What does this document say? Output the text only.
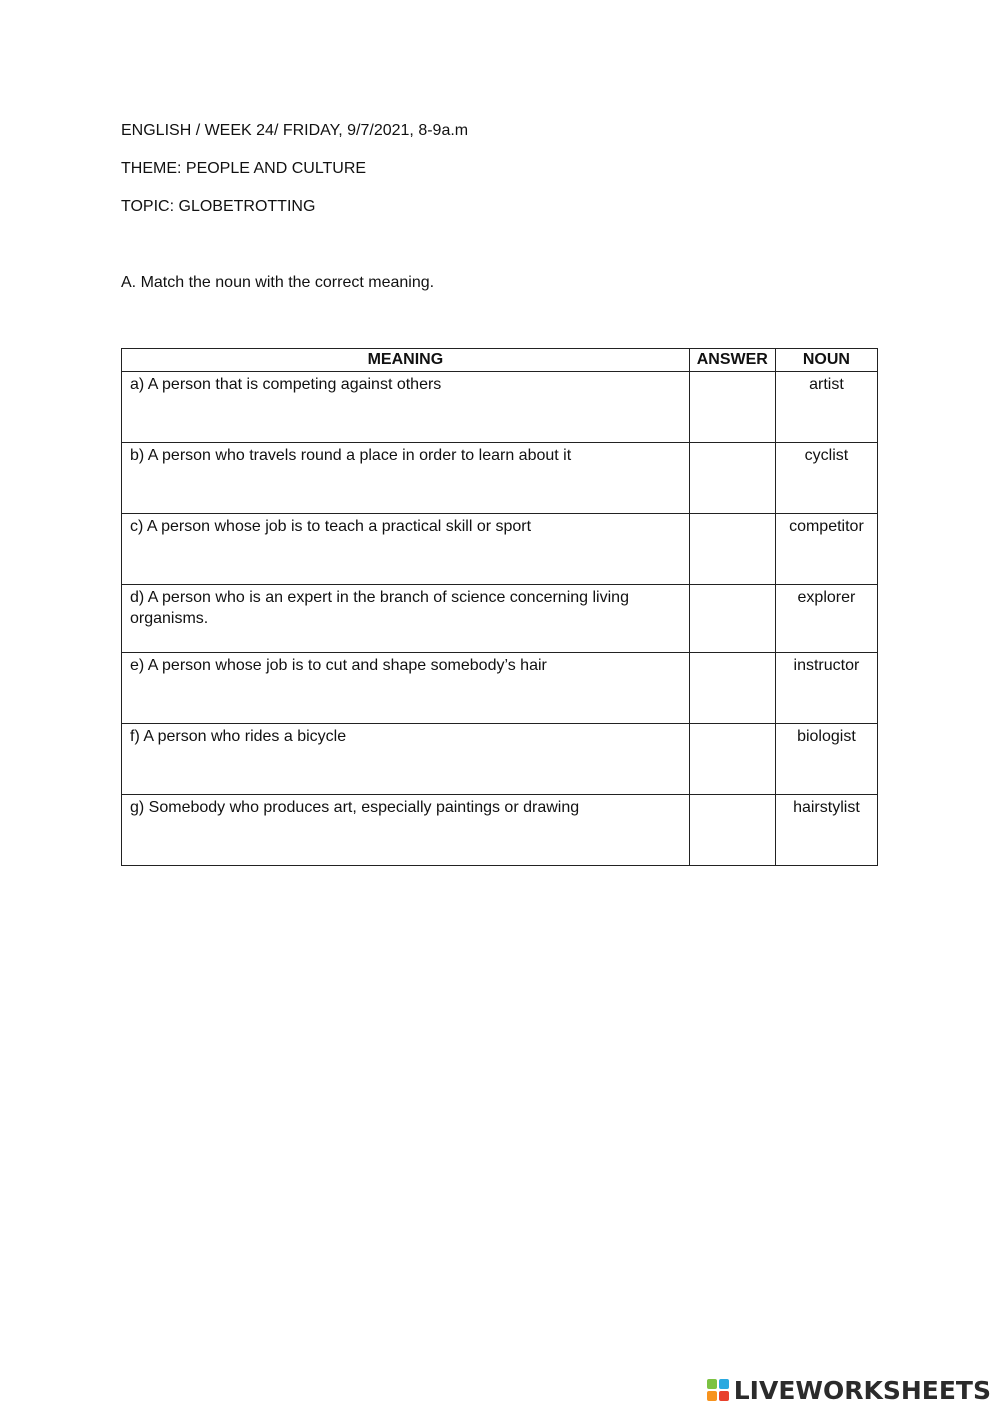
ENGLISH / WEEK 24/ FRIDAY, 9/7/2021, 8-9a.m
THEME: PEOPLE AND CULTURE
TOPIC: GLOBETROTTING
A. Match the noun with the correct meaning.
MEANING	ANSWER	NOUN
a) A person that is competing against others		artist
b) A person who travels round a place in order to learn about it		cyclist
c) A person whose job is to teach a practical skill or sport		competitor
d) A person who is an expert in the branch of science concerning living organisms.		explorer
e) A person whose job is to cut and shape somebody’s hair		instructor
f) A person who rides a bicycle		biologist
g) Somebody who produces art, especially paintings or drawing		hairstylist
LIVEWORKSHEETS
